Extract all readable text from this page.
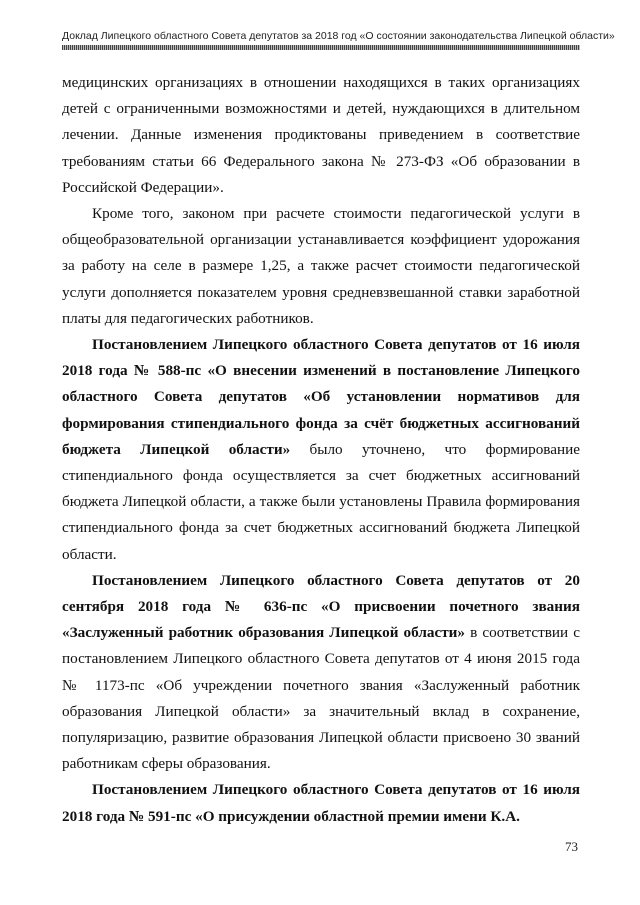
Доклад Липецкого областного Совета депутатов за 2018 год «О состоянии законодательства Липецкой области»

медицинских организациях в отношении находящихся в таких организациях детей с ограниченными возможностями и детей, нуждающихся в длительном лечении. Данные изменения продиктованы приведением в соответствие требованиям статьи 66 Федерального закона № 273-ФЗ «Об образовании в Российской Федерации».

Кроме того, законом при расчете стоимости педагогической услуги в общеобразовательной организации устанавливается коэффициент удорожания за работу на селе в размере 1,25, а также расчет стоимости педагогической услуги дополняется показателем уровня средневзвешанной ставки заработной платы для педагогических работников.

Постановлением Липецкого областного Совета депутатов от 16 июля 2018 года № 588-пс «О внесении изменений в постановление Липецкого областного Совета депутатов «Об установлении нормативов для формирования стипендиального фонда за счёт бюджетных ассигнований бюджета Липецкой области» было уточнено, что формирование стипендиального фонда осуществляется за счет бюджетных ассигнований бюджета Липецкой области, а также были установлены Правила формирования стипендиального фонда за счет бюджетных ассигнований бюджета Липецкой области.

Постановлением Липецкого областного Совета депутатов от 20 сентября 2018 года № 636-пс «О присвоении почетного звания «Заслуженный работник образования Липецкой области» в соответствии с постановлением Липецкого областного Совета депутатов от 4 июня 2015 года № 1173-пс «Об учреждении почетного звания «Заслуженный работник образования Липецкой области» за значительный вклад в сохранение, популяризацию, развитие образования Липецкой области присвоено 30 званий работникам сферы образования.

Постановлением Липецкого областного Совета депутатов от 16 июля 2018 года № 591-пс «О присуждении областной премии имени К.А.

73
